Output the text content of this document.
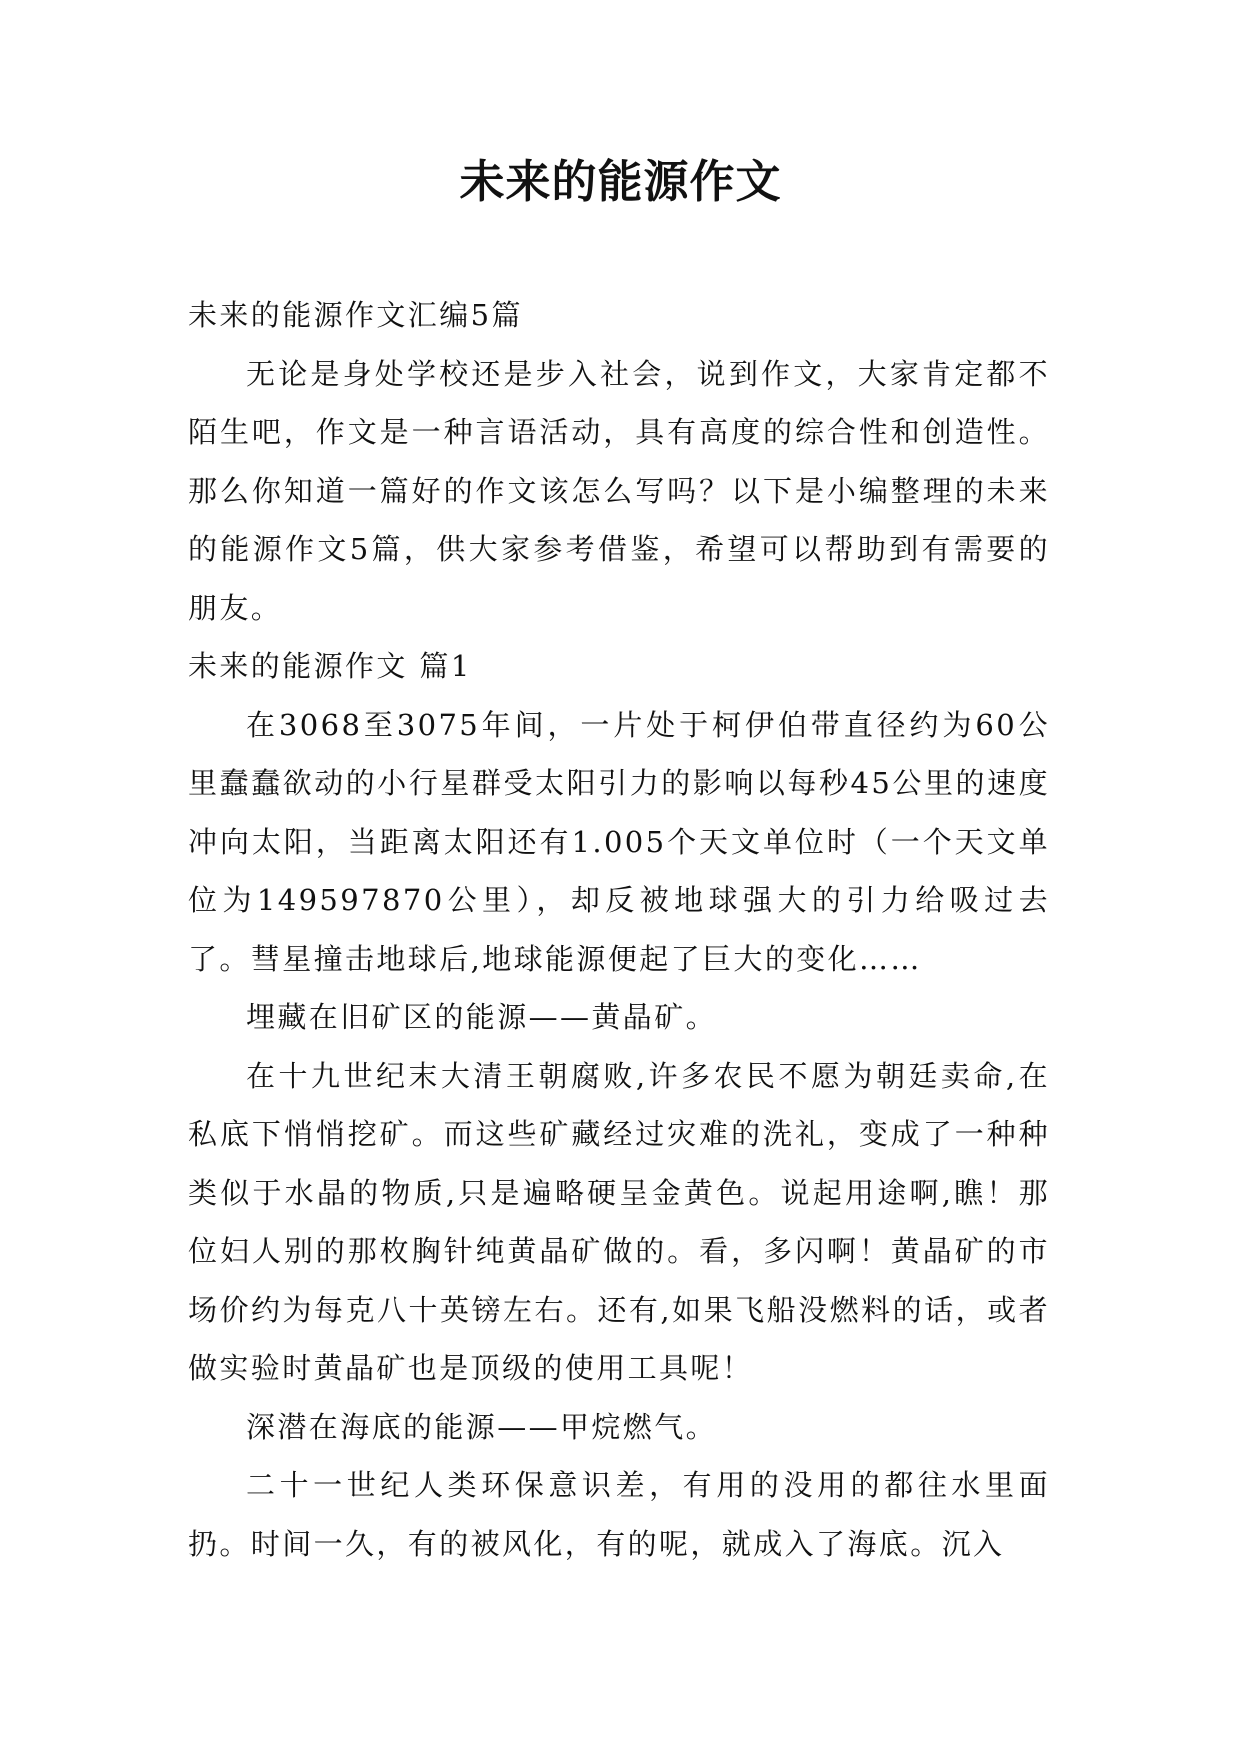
未来的能源作文

未来的能源作文汇编5篇

无论是身处学校还是步入社会，说到作文，大家肯定都不陌生吧，作文是一种言语活动，具有高度的综合性和创造性。那么你知道一篇好的作文该怎么写吗？以下是小编整理的未来的能源作文5篇，供大家参考借鉴，希望可以帮助到有需要的朋友。

未来的能源作文 篇1

在3068至3075年间，一片处于柯伊伯带直径约为60公里蠢蠢欲动的小行星群受太阳引力的影响以每秒45公里的速度冲向太阳，当距离太阳还有1.005个天文单位时（一个天文单位为149597870公里），却反被地球强大的引力给吸过去了。彗星撞击地球后,地球能源便起了巨大的变化……

埋藏在旧矿区的能源——黄晶矿。

在十九世纪末大清王朝腐败,许多农民不愿为朝廷卖命,在私底下悄悄挖矿。而这些矿藏经过灾难的洗礼，变成了一种种类似于水晶的物质,只是遍略硬呈金黄色。说起用途啊,瞧！那位妇人别的那枚胸针纯黄晶矿做的。看，多闪啊！黄晶矿的市场价约为每克八十英镑左右。还有,如果飞船没燃料的话，或者做实验时黄晶矿也是顶级的使用工具呢！

深潜在海底的能源——甲烷燃气。

二十一世纪人类环保意识差，有用的没用的都往水里面扔。时间一久，有的被风化，有的呢，就成入了海底。沉入
